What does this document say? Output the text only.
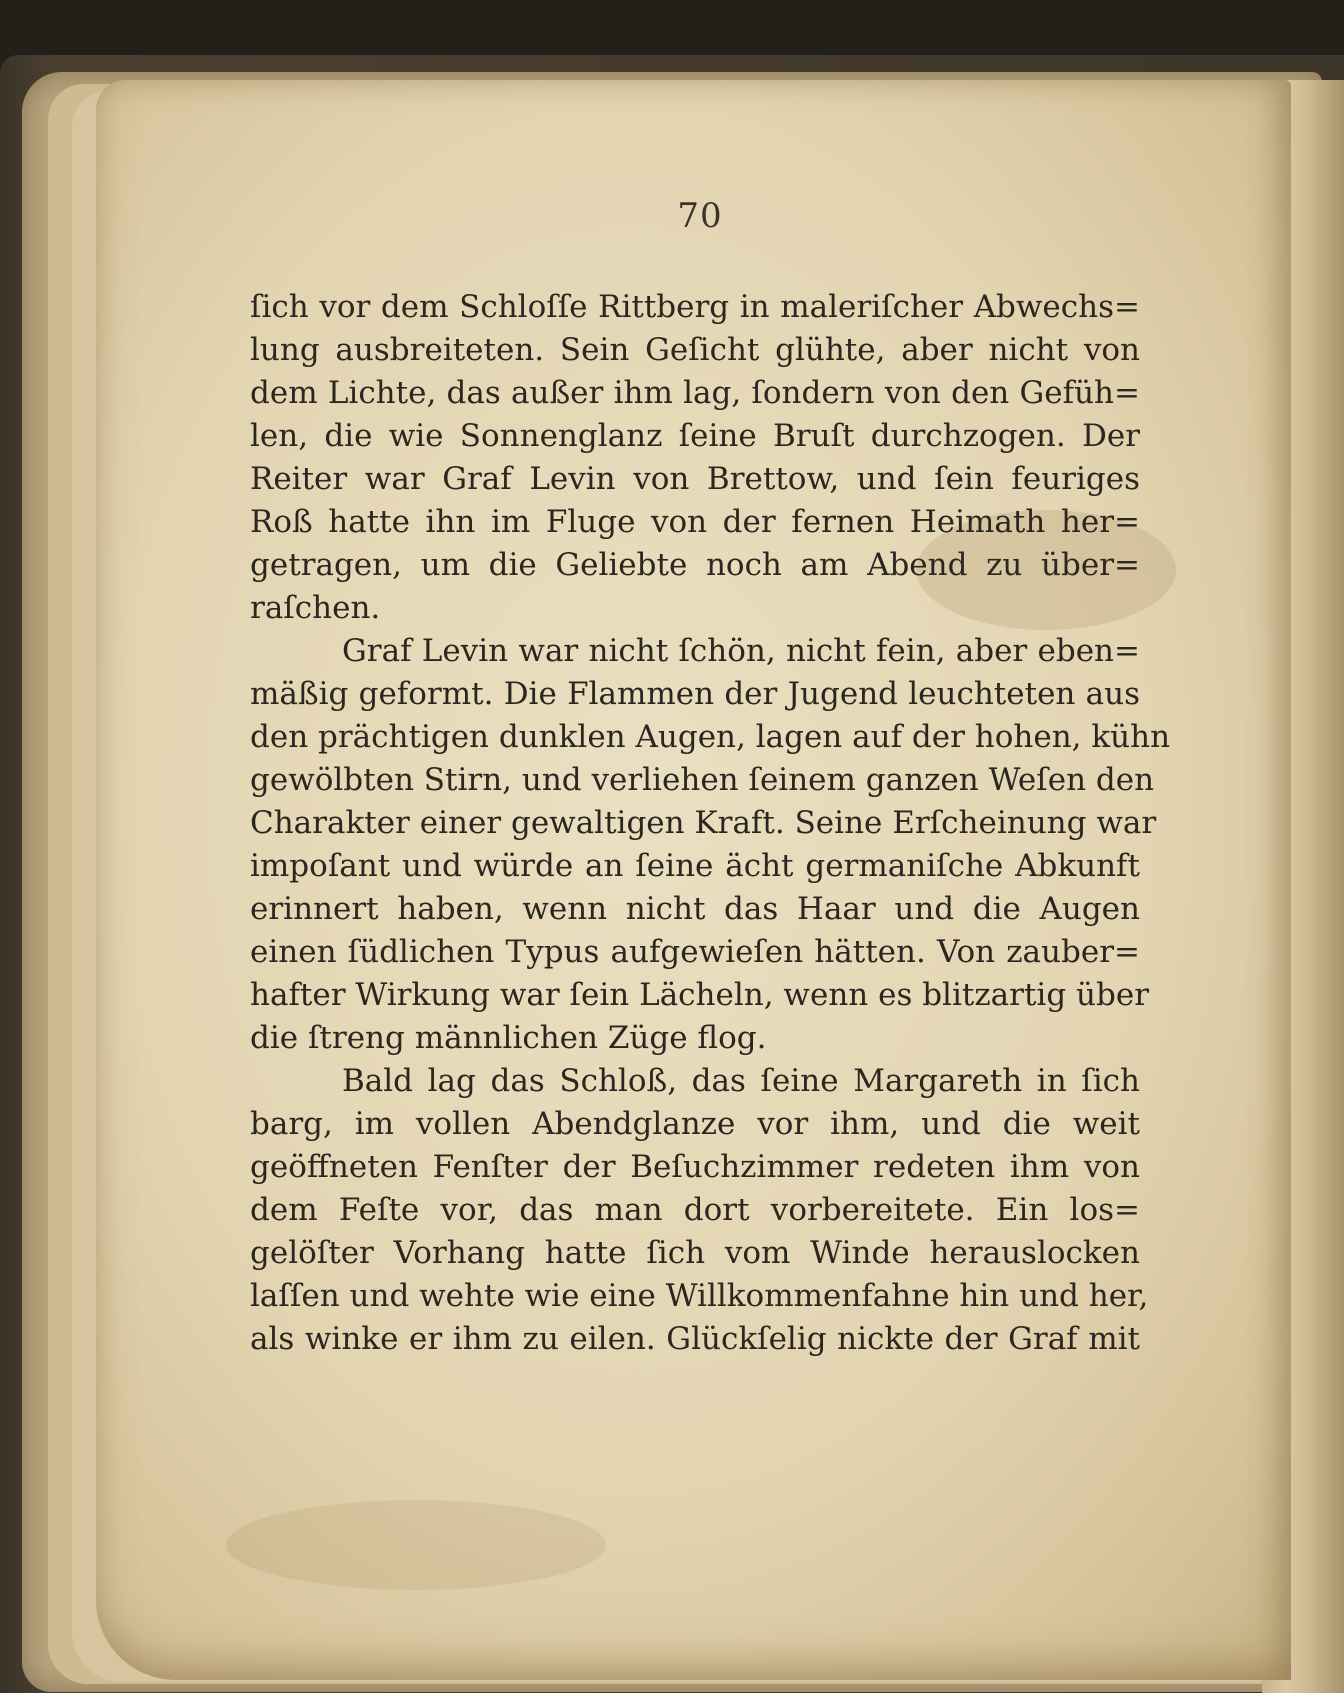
70
ſich vor dem Schloſſe Rittberg in maleriſcher Abwechs=
lung ausbreiteten. Sein Geſicht glühte, aber nicht von
dem Lichte, das außer ihm lag, ſondern von den Gefüh=
len, die wie Sonnenglanz ſeine Bruſt durchzogen. Der
Reiter war Graf Levin von Brettow, und ſein feuriges
Roß hatte ihn im Fluge von der fernen Heimath her=
getragen, um die Geliebte noch am Abend zu über=
raſchen.
Graf Levin war nicht ſchön, nicht fein, aber eben=
mäßig geformt. Die Flammen der Jugend leuchteten aus
den prächtigen dunklen Augen, lagen auf der hohen, kühn
gewölbten Stirn, und verliehen ſeinem ganzen Weſen den
Charakter einer gewaltigen Kraft. Seine Erſcheinung war
impoſant und würde an ſeine ächt germaniſche Abkunft
erinnert haben, wenn nicht das Haar und die Augen
einen ſüdlichen Typus aufgewieſen hätten. Von zauber=
hafter Wirkung war ſein Lächeln, wenn es blitzartig über
die ſtreng männlichen Züge flog.
Bald lag das Schloß, das ſeine Margareth in ſich
barg, im vollen Abendglanze vor ihm, und die weit
geöffneten Fenſter der Beſuchzimmer redeten ihm von
dem Feſte vor, das man dort vorbereitete. Ein los=
gelöſter Vorhang hatte ſich vom Winde herauslocken
laſſen und wehte wie eine Willkommenfahne hin und her,
als winke er ihm zu eilen. Glückſelig nickte der Graf mit
